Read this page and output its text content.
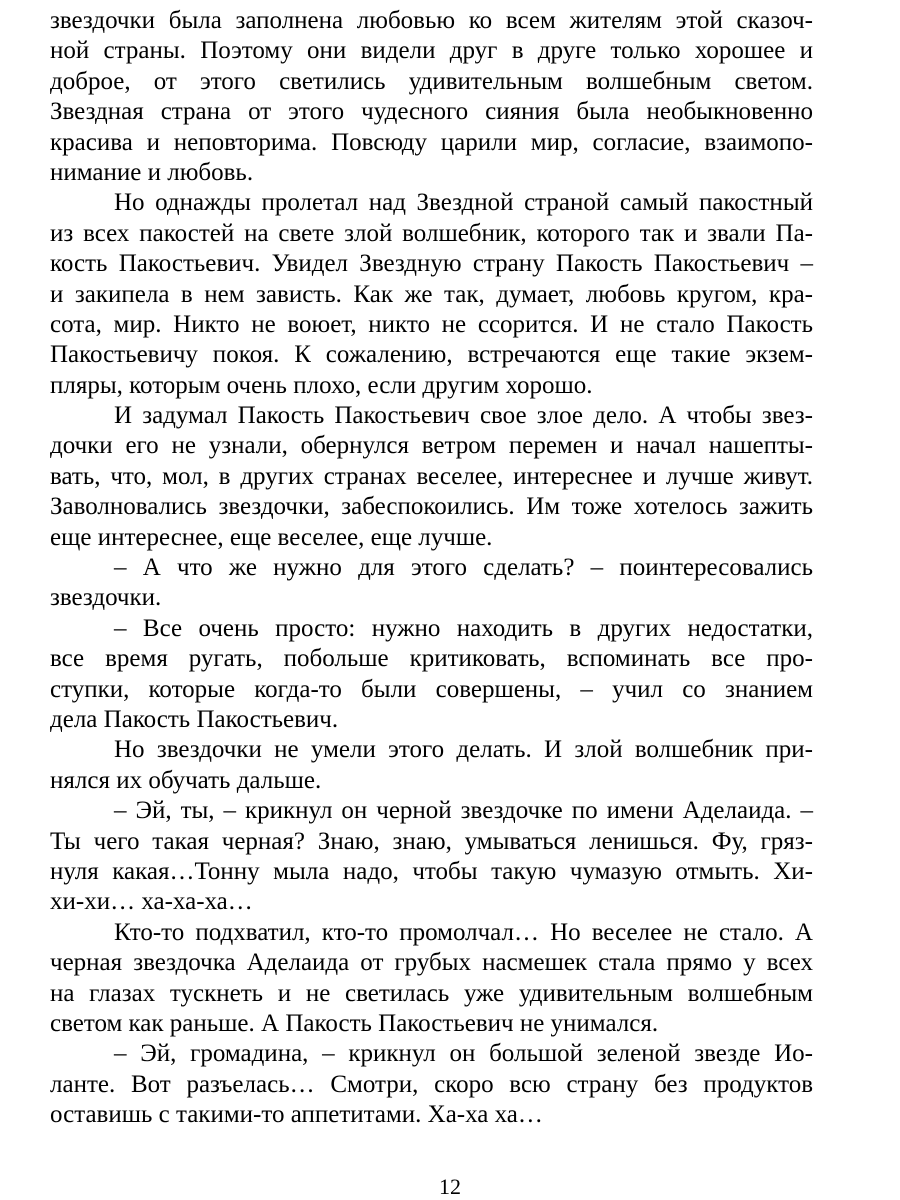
звездочки была заполнена любовью ко всем жителям этой сказоч-
ной страны. Поэтому они видели друг в друге только хорошее и
доброе, от этого светились удивительным волшебным светом.
Звездная страна от этого чудесного сияния была необыкновенно
красива и неповторима. Повсюду царили мир, согласие, взаимопо-
нимание и любовь.
Но однажды пролетал над Звездной страной самый пакостный
из всех пакостей на свете злой волшебник, которого так и звали Па-
кость Пакостьевич. Увидел Звездную страну Пакость Пакостьевич –
и закипела в нем зависть. Как же так, думает, любовь кругом, кра-
сота, мир. Никто не воюет, никто не ссорится. И не стало Пакость
Пакостьевичу покоя. К сожалению, встречаются еще такие экзем-
пляры, которым очень плохо, если другим хорошо.
И задумал Пакость Пакостьевич свое злое дело. А чтобы звез-
дочки его не узнали, обернулся ветром перемен и начал нашепты-
вать, что, мол, в других странах веселее, интереснее и лучше живут.
Заволновались звездочки, забеспокоились. Им тоже хотелось зажить
еще интереснее, еще веселее, еще лучше.
– А что же нужно для этого сделать? – поинтересовались
звездочки.
– Все очень просто: нужно находить в других недостатки,
все время ругать, побольше критиковать, вспоминать все про-
ступки, которые когда-то были совершены, – учил со знанием
дела Пакость Пакостьевич.
Но звездочки не умели этого делать. И злой волшебник при-
нялся их обучать дальше.
– Эй, ты, – крикнул он черной звездочке по имени Аделаида. –
Ты чего такая черная? Знаю, знаю, умываться ленишься. Фу, гряз-
нуля какая…Тонну мыла надо, чтобы такую чумазую отмыть. Хи-
хи-хи… ха-ха-ха…
Кто-то подхватил, кто-то промолчал… Но веселее не стало. А
черная звездочка Аделаида от грубых насмешек стала прямо у всех
на глазах тускнеть и не светилась уже удивительным волшебным
светом как раньше. А Пакость Пакостьевич не унимался.
– Эй, громадина, – крикнул он большой зеленой звезде Ио-
ланте. Вот разъелась… Смотри, скоро всю страну без продуктов
оставишь с такими-то аппетитами. Ха-ха ха…
12
